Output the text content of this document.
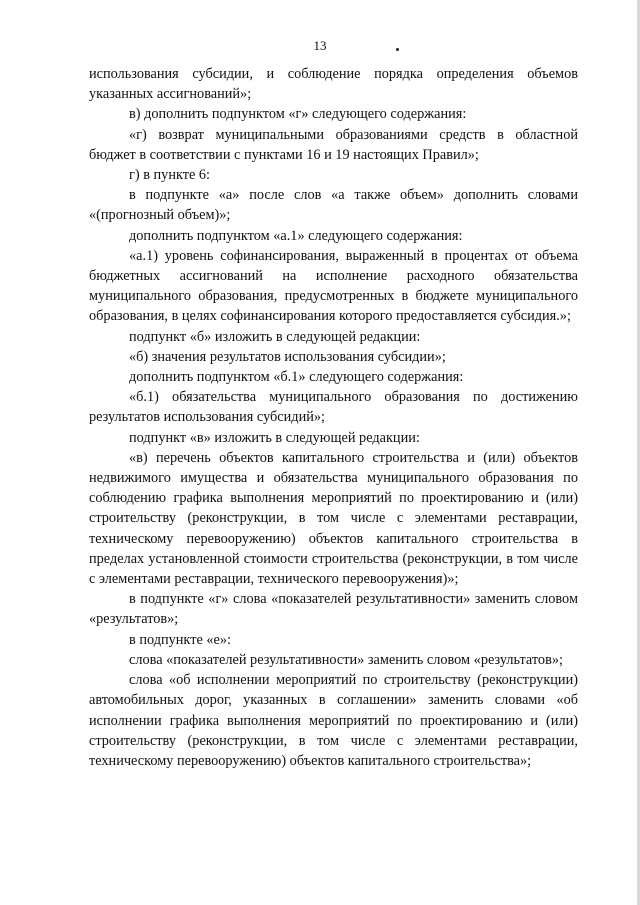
13

использования субсидии, и соблюдение порядка определения объемов указанных ассигнований»;

в) дополнить подпунктом «г» следующего содержания:

«г) возврат муниципальными образованиями средств в областной бюджет в соответствии с пунктами 16 и 19 настоящих Правил»;

г) в пункте 6:

в подпункте «а» после слов «а также объем» дополнить словами «(прогнозный объем)»;

дополнить подпунктом «а.1» следующего содержания:

«а.1) уровень софинансирования, выраженный в процентах от объема бюджетных ассигнований на исполнение расходного обязательства муниципального образования, предусмотренных в бюджете муниципального образования, в целях софинансирования которого предоставляется субсидия.»;

подпункт «б» изложить в следующей редакции:

«б) значения результатов использования субсидии»;

дополнить подпунктом «б.1» следующего содержания:

«б.1) обязательства муниципального образования по достижению результатов использования субсидий»;

подпункт «в» изложить в следующей редакции:

«в) перечень объектов капитального строительства и (или) объектов недвижимого имущества и обязательства муниципального образования по соблюдению графика выполнения мероприятий по проектированию и (или) строительству (реконструкции, в том числе с элементами реставрации, техническому перевооружению) объектов капитального строительства в пределах установленной стоимости строительства (реконструкции, в том числе с элементами реставрации, технического перевооружения)»;

в подпункте «г» слова «показателей результативности» заменить словом «результатов»;

в подпункте «е»:

слова «показателей результативности» заменить словом «результатов»;

слова «об исполнении мероприятий по строительству (реконструкции) автомобильных дорог, указанных в соглашении» заменить словами «об исполнении графика выполнения мероприятий по проектированию и (или) строительству (реконструкции, в том числе с элементами реставрации, техническому перевооружению) объектов капитального строительства»;
